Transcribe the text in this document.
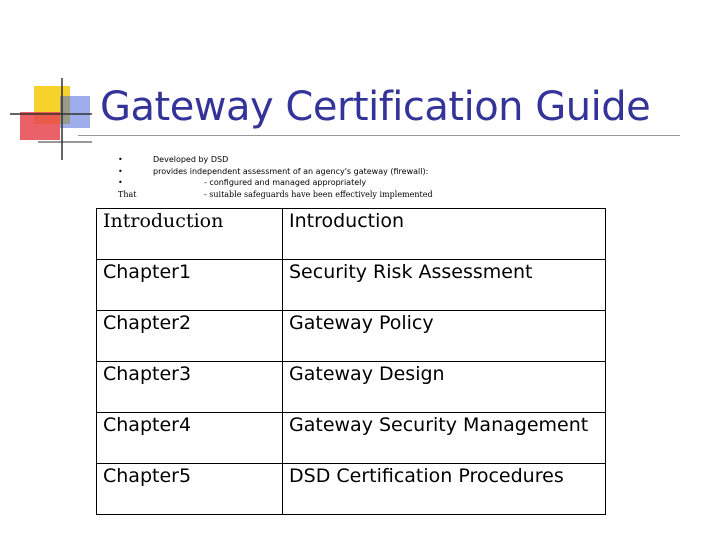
Gateway Certification Guide
•	Developed by DSD
•	provides independent assessment of an agency's gateway (firewall):
•	- configured and managed appropriately
That	- suitable safeguards have been effectively implemented
Introduction	Introduction

Chapter1	Security Risk Assessment

Chapter2	Gateway Policy

Chapter3	Gateway Design

Chapter4	Gateway Security Management

Chapter5	DSD Certification Procedures
